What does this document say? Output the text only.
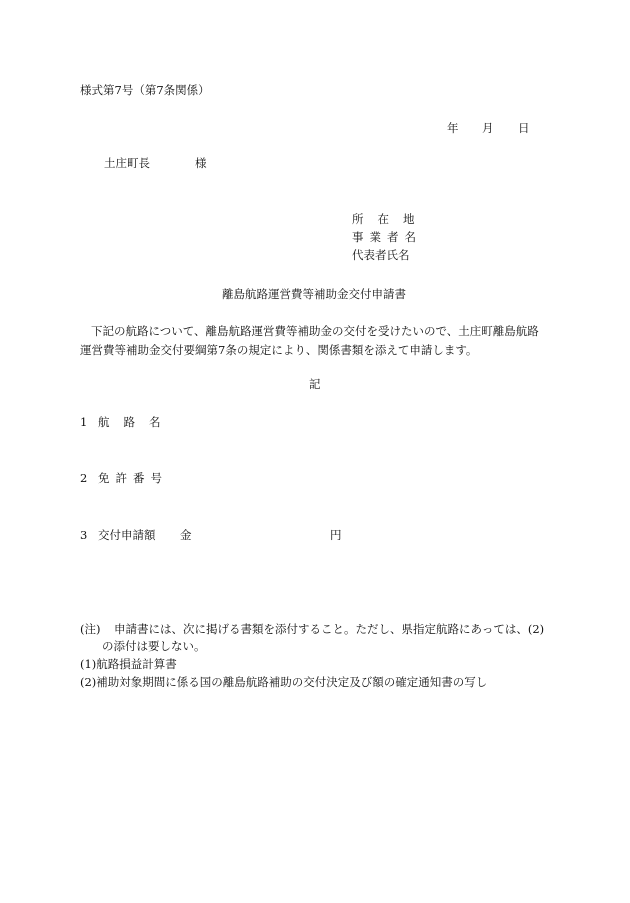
様式第7号（第7条関係）
年 月 日
土庄町長	様
所在地
事業者名
代表者氏名
離島航路運営費等補助金交付申請書

下記の航路について、離島航路運営費等補助金の交付を受けたいので、土庄町離島航路

運営費等補助金交付要綱第7条の規定により、関係書類を添えて申請します。

記
1 航路名
2 免許番号
3 交付申請額 金	円
(注) 申請書には、次に掲げる書類を添付すること。ただし、県指定航路にあっては、(2)
の添付は要しない。
(1)航路損益計算書
(2)補助対象期間に係る国の離島航路補助の交付決定及び額の確定通知書の写し
